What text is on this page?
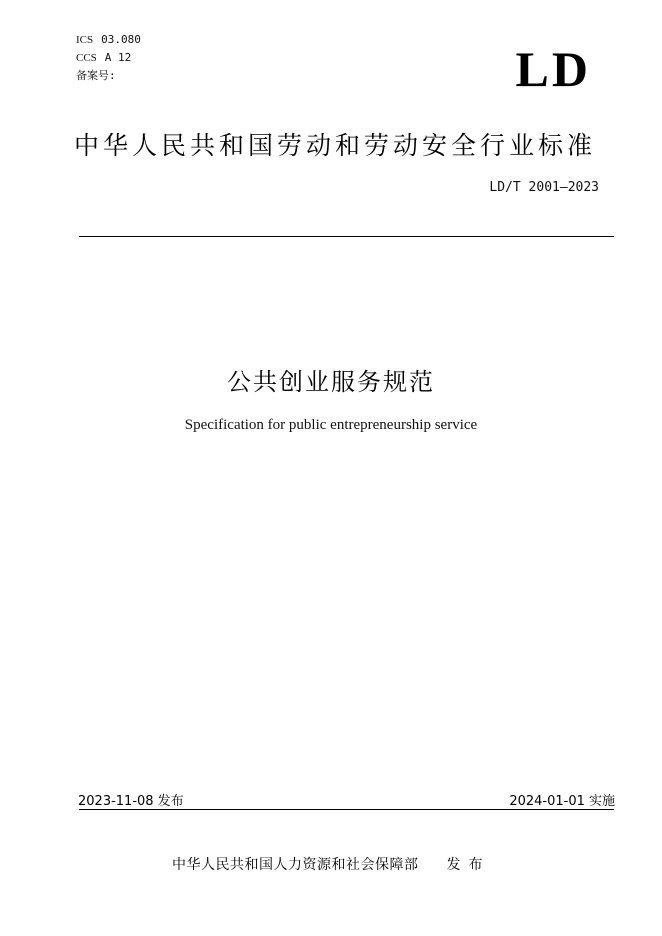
ICS 03.080
CCS A 12
备案号:	LD
中华人民共和国劳动和劳动安全行业标准
LD/T 2001—2023
公共创业服务规范
Specification for public entrepreneurship service
2023-11-08 发布	2024-01-01 实施
中华人民共和国人力资源和社会保障部 发布
